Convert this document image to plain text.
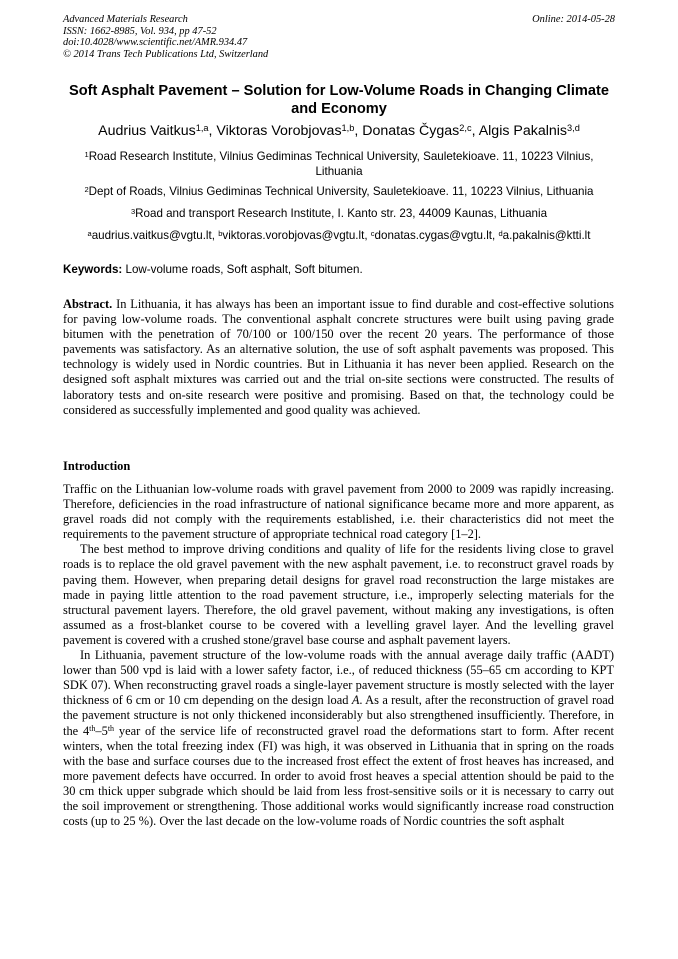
Advanced Materials Research
ISSN: 1662-8985, Vol. 934, pp 47-52
doi:10.4028/www.scientific.net/AMR.934.47
© 2014 Trans Tech Publications Ltd, Switzerland
Online: 2014-05-28
Soft Asphalt Pavement – Solution for Low-Volume Roads in Changing Climate and Economy
Audrius Vaitkus$^{1,a}$, Viktoras Vorobjovas$^{1,b}$, Donatas Čygas$^{2,c}$, Algis Pakalnis$^{3,d}$
$^1$Road Research Institute, Vilnius Gediminas Technical University, Sauletekioave. 11, 10223 Vilnius, Lithuania
$^2$Dept of Roads, Vilnius Gediminas Technical University, Sauletekioave. 11, 10223 Vilnius, Lithuania
$^3$Road and transport Research Institute, I. Kanto str. 23, 44009 Kaunas, Lithuania
$^a$audrius.vaitkus@vgtu.lt, $^b$viktoras.vorobjovas@vgtu.lt, $^c$donatas.cygas@vgtu.lt, $^d$a.pakalnis@ktti.lt
Keywords: Low-volume roads, Soft asphalt, Soft bitumen.

Abstract. In Lithuania, it has always has been an important issue to find durable and cost-effective solutions for paving low-volume roads. The conventional asphalt concrete structures were built using paving grade bitumen with the penetration of 70/100 or 100/150 over the recent 20 years. The performance of those pavements was satisfactory. As an alternative solution, the use of soft asphalt pavements was proposed. This technology is widely used in Nordic countries. But in Lithuania it has never been applied. Research on the designed soft asphalt mixtures was carried out and the trial on-site sections were constructed. The results of laboratory tests and on-site research were positive and promising. Based on that, the technology could be considered as successfully implemented and good quality was achieved.

Introduction

Traffic on the Lithuanian low-volume roads with gravel pavement from 2000 to 2009 was rapidly increasing. Therefore, deficiencies in the road infrastructure of national significance became more and more apparent, as gravel roads did not comply with the requirements established, i.e. their characteristics did not meet the requirements to the pavement structure of appropriate technical road category [1–2].

The best method to improve driving conditions and quality of life for the residents living close to gravel roads is to replace the old gravel pavement with the new asphalt pavement, i.e. to reconstruct gravel roads by paving them. However, when preparing detail designs for gravel road reconstruction the large mistakes are made in paying little attention to the road pavement structure, i.e., improperly selecting materials for the structural pavement layers. Therefore, the old gravel pavement, without making any investigations, is often assumed as a frost-blanket course to be covered with a levelling gravel layer. And the levelling gravel pavement is covered with a crushed stone/gravel base course and asphalt pavement layers.

In Lithuania, pavement structure of the low-volume roads with the annual average daily traffic (AADT) lower than 500 vpd is laid with a lower safety factor, i.e., of reduced thickness (55–65 cm according to KPT SDK 07). When reconstructing gravel roads a single-layer pavement structure is mostly selected with the layer thickness of 6 cm or 10 cm depending on the design load A. As a result, after the reconstruction of gravel road the pavement structure is not only thickened inconsiderably but also strengthened insufficiently. Therefore, in the 4th–5th year of the service life of reconstructed gravel road the deformations start to form. After recent winters, when the total freezing index (FI) was high, it was observed in Lithuania that in spring on the roads with the base and surface courses due to the increased frost effect the extent of frost heaves has increased, and more pavement defects have occurred. In order to avoid frost heaves a special attention should be paid to the 30 cm thick upper subgrade which should be laid from less frost-sensitive soils or it is necessary to carry out the soil improvement or strengthening. Those additional works would significantly increase road construction costs (up to 25 %). Over the last decade on the low-volume roads of Nordic countries the soft asphalt
